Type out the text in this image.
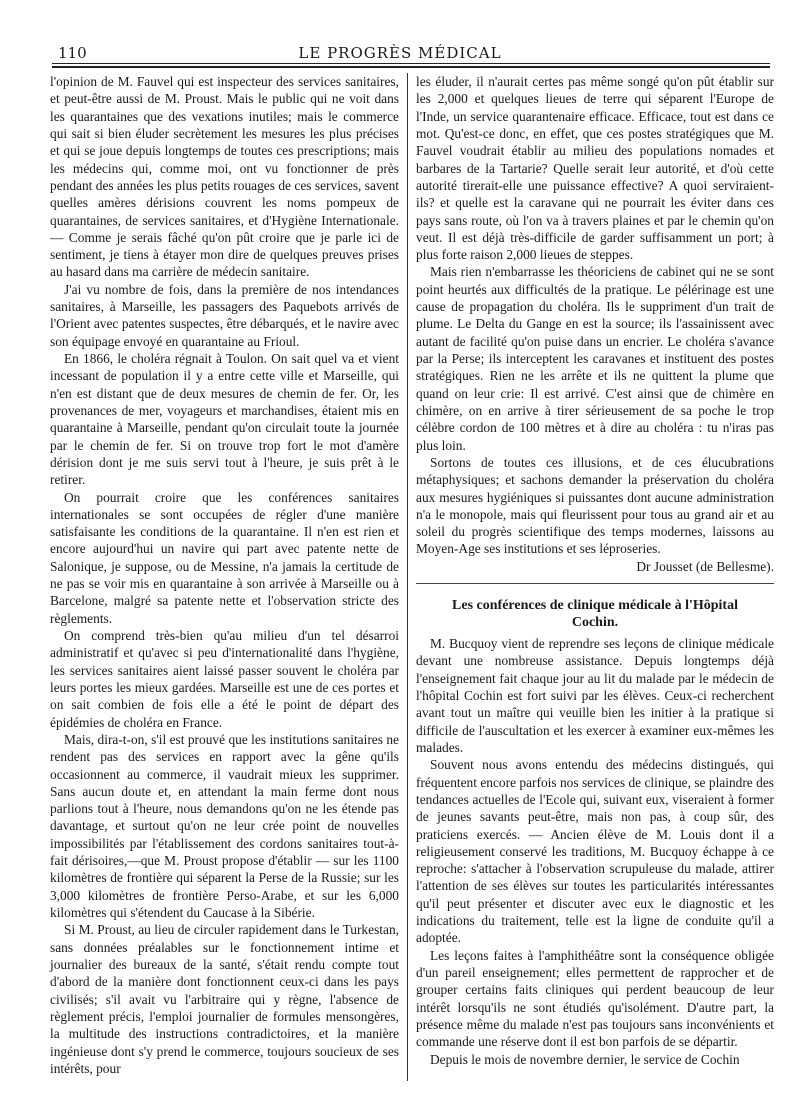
110	LE PROGRÈS MÉDICAL

l'opinion de M. Fauvel qui est inspecteur des services sanitaires, et peut-être aussi de M. Proust. Mais le public qui ne voit dans les quarantaines que des vexations inutiles; mais le commerce qui sait si bien éluder secrètement les mesures les plus précises et qui se joue depuis longtemps de toutes ces prescriptions; mais les médecins qui, comme moi, ont vu fonctionner de près pendant des années les plus petits rouages de ces services, savent quelles amères dérisions couvrent les noms pompeux de quarantaines, de services sanitaires, et d'Hygiène Internationale. — Comme je serais fâché qu'on pût croire que je parle ici de sentiment, je tiens à étayer mon dire de quelques preuves prises au hasard dans ma carrière de médecin sanitaire.

J'ai vu nombre de fois, dans la première de nos intendances sanitaires, à Marseille, les passagers des Paquebots arrivés de l'Orient avec patentes suspectes, être débarqués, et le navire avec son équipage envoyé en quarantaine au Frioul.

En 1866, le choléra régnait à Toulon. On sait quel va et vient incessant de population il y a entre cette ville et Marseille, qui n'en est distant que de deux mesures de chemin de fer. Or, les provenances de mer, voyageurs et marchandises, étaient mis en quarantaine à Marseille, pendant qu'on circulait toute la journée par le chemin de fer. Si on trouve trop fort le mot d'amère dérision dont je me suis servi tout à l'heure, je suis prêt à le retirer.

On pourrait croire que les conférences sanitaires internationales se sont occupées de régler d'une manière satisfaisante les conditions de la quarantaine. Il n'en est rien et encore aujourd'hui un navire qui part avec patente nette de Salonique, je suppose, ou de Messine, n'a jamais la certitude de ne pas se voir mis en quarantaine à son arrivée à Marseille ou à Barcelone, malgré sa patente nette et l'observation stricte des règlements.

On comprend très-bien qu'au milieu d'un tel désarroi administratif et qu'avec si peu d'internationalité dans l'hygiène, les services sanitaires aient laissé passer souvent le choléra par leurs portes les mieux gardées. Marseille est une de ces portes et on sait combien de fois elle a été le point de départ des épidémies de choléra en France.

Mais, dira-t-on, s'il est prouvé que les institutions sanitaires ne rendent pas des services en rapport avec la gêne qu'ils occasionnent au commerce, il vaudrait mieux les supprimer. Sans aucun doute et, en attendant la main ferme dont nous parlions tout à l'heure, nous demandons qu'on ne les étende pas davantage, et surtout qu'on ne leur crée point de nouvelles impossibilités par l'établissement des cordons sanitaires tout-à-fait dérisoires,—que M. Proust propose d'établir — sur les 1100 kilomètres de frontière qui séparent la Perse de la Russie; sur les 3,000 kilomètres de frontière Perso-Arabe, et sur les 6,000 kilomètres qui s'étendent du Caucase à la Sibérie.

Si M. Proust, au lieu de circuler rapidement dans le Turkestan, sans données préalables sur le fonctionnement intime et journalier des bureaux de la santé, s'était rendu compte tout d'abord de la manière dont fonctionnent ceux-ci dans les pays civilisés; s'il avait vu l'arbitraire qui y règne, l'absence de règlement précis, l'emploi journalier de formules mensongères, la multitude des instructions contradictoires, et la manière ingénieuse dont s'y prend le commerce, toujours soucieux de ses intérêts, pour

les éluder, il n'aurait certes pas même songé qu'on pût établir sur les 2,000 et quelques lieues de terre qui séparent l'Europe de l'Inde, un service quarantenaire efficace. Efficace, tout est dans ce mot. Qu'est-ce donc, en effet, que ces postes stratégiques que M. Fauvel voudrait établir au milieu des populations nomades et barbares de la Tartarie? Quelle serait leur autorité, et d'où cette autorité tirerait-elle une puissance effective? A quoi serviraient-ils? et quelle est la caravane qui ne pourrait les éviter dans ces pays sans route, où l'on va à travers plaines et par le chemin qu'on veut. Il est déjà très-difficile de garder suffisamment un port; à plus forte raison 2,000 lieues de steppes.

Mais rien n'embarrasse les théoriciens de cabinet qui ne se sont point heurtés aux difficultés de la pratique. Le pélérinage est une cause de propagation du choléra. Ils le suppriment d'un trait de plume. Le Delta du Gange en est la source; ils l'assainissent avec autant de facilité qu'on puise dans un encrier. Le choléra s'avance par la Perse; ils interceptent les caravanes et instituent des postes stratégiques. Rien ne les arrête et ils ne quittent la plume que quand on leur crie: Il est arrivé. C'est ainsi que de chimère en chimère, on en arrive à tirer sérieusement de sa poche le trop célèbre cordon de 100 mètres et à dire au choléra : tu n'iras pas plus loin.

Sortons de toutes ces illusions, et de ces élucubrations métaphysiques; et sachons demander la préservation du choléra aux mesures hygiéniques si puissantes dont aucune administration n'a le monopole, mais qui fleurissent pour tous au grand air et au soleil du progrès scientifique des temps modernes, laissons au Moyen-Age ses institutions et ses léproseries.

Dr Jousset (de Bellesme).

Les conférences de clinique médicale à l'Hôpital
Cochin.

M. Bucquoy vient de reprendre ses leçons de clinique médicale devant une nombreuse assistance. Depuis longtemps déjà l'enseignement fait chaque jour au lit du malade par le médecin de l'hôpital Cochin est fort suivi par les élèves. Ceux-ci recherchent avant tout un maître qui veuille bien les initier à la pratique si difficile de l'auscultation et les exercer à examiner eux-mêmes les malades.

Souvent nous avons entendu des médecins distingués, qui fréquentent encore parfois nos services de clinique, se plaindre des tendances actuelles de l'Ecole qui, suivant eux, viseraient à former de jeunes savants peut-être, mais non pas, à coup sûr, des praticiens exercés. — Ancien élève de M. Louis dont il a religieusement conservé les traditions, M. Bucquoy échappe à ce reproche: s'attacher à l'observation scrupuleuse du malade, attirer l'attention de ses élèves sur toutes les particularités intéressantes qu'il peut présenter et discuter avec eux le diagnostic et les indications du traitement, telle est la ligne de conduite qu'il a adoptée.

Les leçons faites à l'amphithéâtre sont la conséquence obligée d'un pareil enseignement; elles permettent de rapprocher et de grouper certains faits cliniques qui perdent beaucoup de leur intérêt lorsqu'ils ne sont étudiés qu'isolément. D'autre part, la présence même du malade n'est pas toujours sans inconvénients et commande une réserve dont il est bon parfois de se départir.

Depuis le mois de novembre dernier, le service de Cochin
